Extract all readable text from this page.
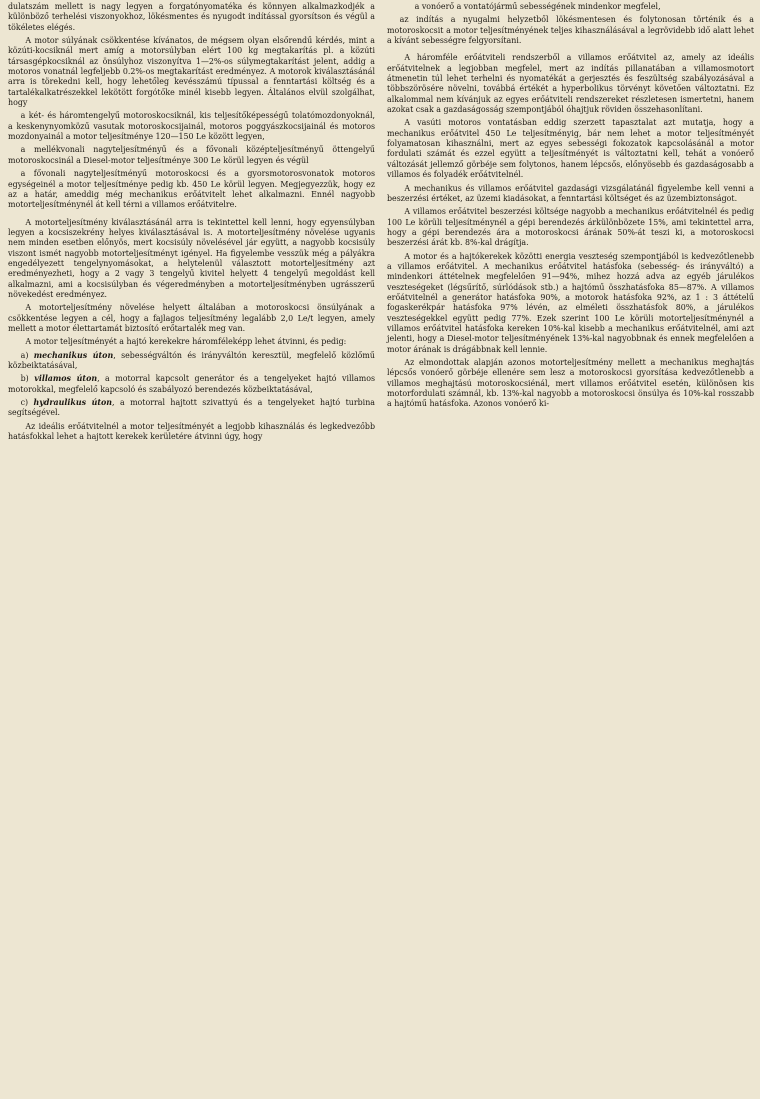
dulatszám mellett is nagy legyen a forgatónyomatéka és könnyen alkalmazkodjék a különböző terhelési viszonyokhoz, lökésmentes és nyugodt indítással gyorsítson és végül a tökéletes elégés.

A motor súlyának csökkentése kívánatos, de mégsem olyan elsőrendű kérdés, mint a közúti-kocsiknál mert amíg a motorsúlyban elért 100 kg megtakarítás pl. a közúti társasgépkocsiknál az önsúlyhoz viszonyítva 1—2%-os súlymegtakarítást jelent, addig a motoros vonatnál legfeljebb 0.2%-os megtakarítást eredményez. A motorok kiválasztásánál arra is törekedni kell, hogy lehetőleg kevésszámú típussal a fenntartási költség és a tartalékalkatrészekkel lekötött forgótőke minél kisebb legyen. Általános elvül szolgálhat, hogy

a két- és háromtengelyű motoroskocsiknál, kis teljesítőképességű tolatómozdonyoknál, a keskenynyomközű vasutak motoroskocsijainál, motoros poggyászkocsijainál és motoros mozdonyainál a motor teljesítménye 120—150 Le között legyen,

a mellékvonali nagyteljesítményű és a fővonali középteljesítményű öttengelyű motoroskocsinál a Diesel-motor teljesítménye 300 Le körül legyen és végül

a fővonali nagyteljesítményű motoroskocsi és a gyorsmotorosvonatok motoros egységeinél a motor teljesítménye pedig kb. 450 Le körül legyen. Megjegyezzük, hogy ez az a határ, ameddig még mechanikus erőátvitelt lehet alkalmazni. Ennél nagyobb motorteljesítménynél át kell térni a villamos erőátvitelre.

A motorteljesítmény kiválasztásánál arra is tekintettel kell lenni, hogy egyensúlyban legyen a kocsiszekrény helyes kiválasztásával is. A motorteljesítmény növelése ugyanis nem minden esetben előnyös, mert kocsisúly növelésével jár együtt, a nagyobb kocsisúly viszont ismét nagyobb motorteljesítményt igényel. Ha figyelembe vesszük még a pályákra engedélyezett tengelynyomásokat, a helytelenül választott motorteljesítmény azt eredményezheti, hogy a 2 vagy 3 tengelyű kivitel helyett 4 tengelyű megoldást kell alkalmazni, ami a kocsisúlyban és végeredményben a motorteljesítményben ugrásszerű növekedést eredményez.

A motorteljesítmény növelése helyett általában a motoroskocsi önsúlyának a csökkentése legyen a cél, hogy a fajlagos teljesítmény legalább 2,0 Le/t legyen, amely mellett a motor élettartamát biztosító erőtartalék meg van.

A motor teljesítményét a hajtó kerekekre háromféleképp lehet átvinni, és pedig:

a) mechanikus úton, sebességváltón és irányváltón keresztül, megfelelő közlőmű közbeiktatásával,

b) villamos úton, a motorral kapcsolt generátor és a tengelyeket hajtó villamos motorokkal, megfelelő kapcsoló és szabályozó berendezés közbeiktatásával,

c) hydraulikus úton, a motorral hajtott szivattyú és a tengelyeket hajtó turbina segítségével.

Az ideális erőátvitelnél a motor teljesítményét a legjobb kihasználás és legkedvezőbb hatásfokkal lehet a hajtott kerekek kerületére átvinni úgy, hogy

a vonóerő a vontatójármű sebességének mindenkor megfelel,

az indítás a nyugalmi helyzetből lökésmentesen és folytonosan történik és a motoroskocsit a motor teljesítményének teljes kihasználásával a legrövidebb idő alatt lehet a kívánt sebességre felgyorsítani.

A háromféle erőátviteli rendszerből a villamos erőátvitel az, amely az ideális erőátvitelnek a legjobban megfelel, mert az indítás pillanatában a villamosmotort átmenetin túl lehet terhelni és nyomatékát a gerjesztés és feszültség szabályozásával a többszörösére növelni, továbbá értékét a hyperbolikus törvényt követően változtatni. Ez alkalommal nem kívánjuk az egyes erőátviteli rendszereket részletesen ismertetni, hanem azokat csak a gazdaságosság szempontjából óhajtjuk röviden összehasonlítani.

A vasúti motoros vontatásban eddig szerzett tapasztalat azt mutatja, hogy a mechanikus erőátvitel 450 Le teljesítményig, bár nem lehet a motor teljesítményét folyamatosan kihasználni, mert az egyes sebességi fokozatok kapcsolásánál a motor fordulati számát és ezzel együtt a teljesítményét is változtatni kell, tehát a vonóerő változását jellemző görbéje sem folytonos, hanem lépcsős, előnyösebb és gazdaságosabb a villamos és folyadék erőátvitelnél.

A mechanikus és villamos erőátvitel gazdasági vizsgálatánál figyelembe kell venni a beszerzési értéket, az üzemi kiadásokat, a fenntartási költséget és az üzembiztonságot.

A villamos erőátvitel beszerzési költsége nagyobb a mechanikus erőátvitelnél és pedig 100 Le körüli teljesítménynél a gépi berendezés árkülönbözete 15%, ami tekintettel arra, hogy a gépi berendezés ára a motoroskocsi árának 50%-át teszi ki, a motoroskocsi beszerzési árát kb. 8%-kal drágítja.

A motor és a hajtókerekek közötti energia veszteség szempontjából is kedvezőtlenebb a villamos erőátvitel. A mechanikus erőátvitel hatásfoka (sebesség- és irányváltó) a mindenkori áttételnek megfelelően 91—94%, mihez hozzá adva az egyéb járulékos veszteségeket (légsűrítő, súrlódások stb.) a hajtómű összhatásfoka 85—87%. A villamos erőátvitelnél a generátor hatásfoka 90%, a motorok hatásfoka 92%, az 1 : 3 áttételű fogaskerékpár hatásfoka 97% lévén, az elméleti összhatásfok 80%, a járulékos veszteségekkel együtt pedig 77%. Ezek szerint 100 Le körüli motorteljesítménynél a villamos erőátvitel hatásfoka kereken 10%-kal kisebb a mechanikus erőátvitelnél, ami azt jelenti, hogy a Diesel-motor teljesítményének 13%-kal nagyobbnak és ennek megfelelően a motor árának is drágábbnak kell lennie.

Az elmondottak alapján azonos motorteljesítmény mellett a mechanikus meghajtás lépcsős vonóerő görbéje ellenére sem lesz a motoroskocsi gyorsítása kedvezőtlenebb a villamos meghajtású motoroskocsiénál, mert villamos erőátvitel esetén, különösen kis motorfordulati számnál, kb. 13%-kal nagyobb a motoroskocsi önsúlya és 10%-kal rosszabb a hajtómű hatásfoka. Azonos vonóerő ki-
